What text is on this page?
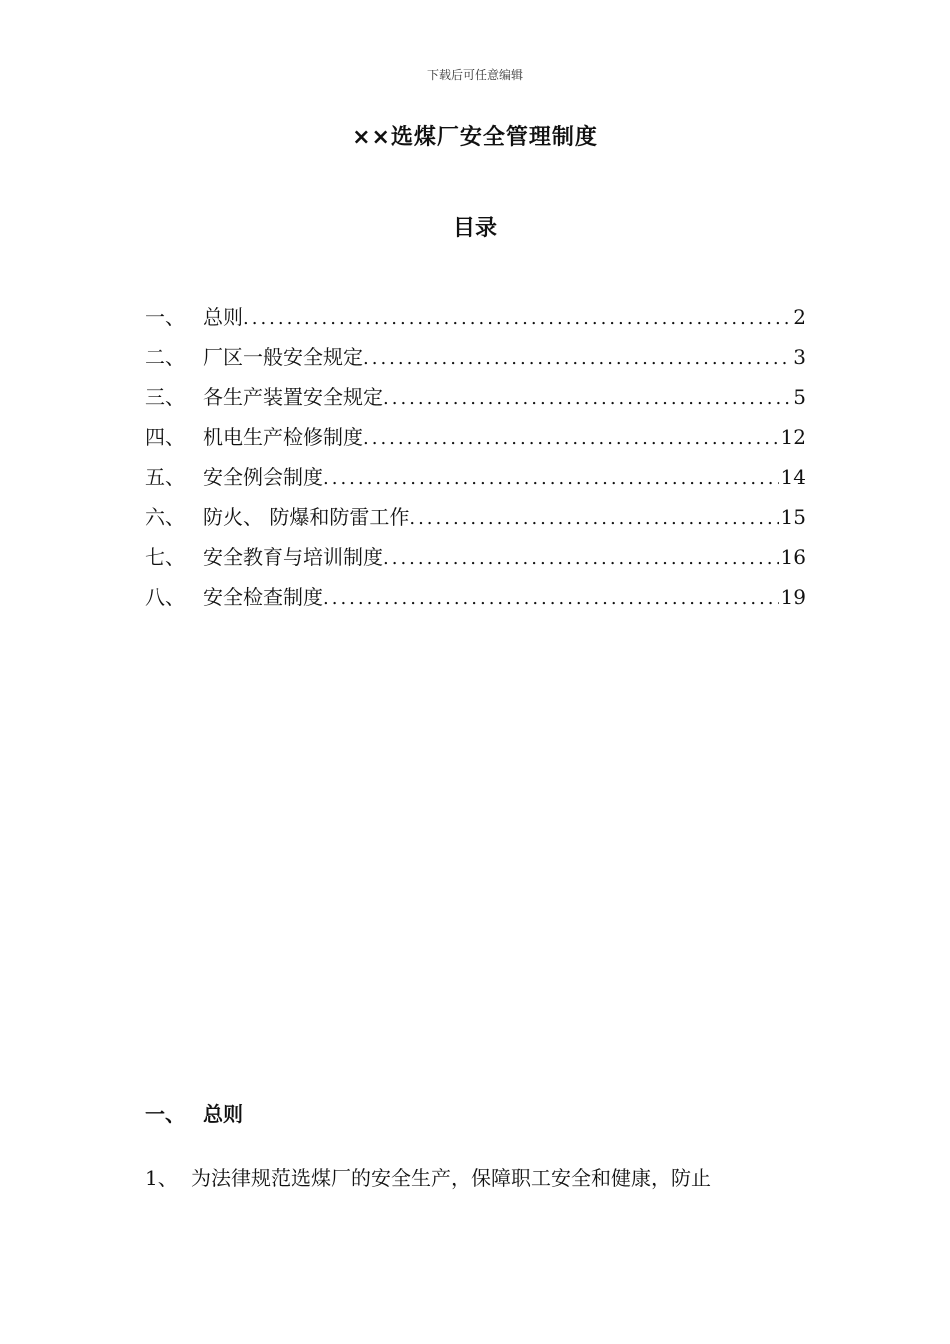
下载后可任意编辑
××选煤厂安全管理制度
目录
一、 总则 .....	2
二、 厂区一般安全规定 .....	3
三、 各生产装置安全规定 .....	5
四、 机电生产检修制度 .....	12
五、 安全例会制度 .....	14
六、 防火、 防爆和防雷工作 .....	15
七、 安全教育与培训制度 .....	16
八、 安全检查制度 .....	19
一、 总则
1、 为法律规范选煤厂的安全生产，保障职工安全和健康，防止
